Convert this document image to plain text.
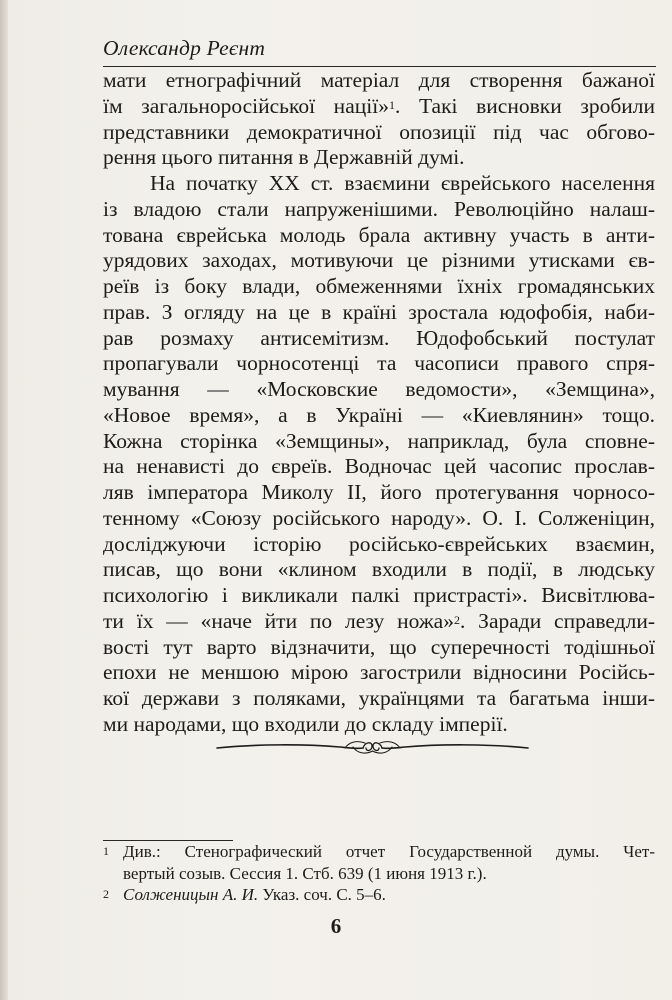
Олександр Реєнт
мати етнографічний матеріал для створення бажаної
їм загальноросійської нації»$^1$. Такі висновки зробили
представники демократичної опозиції під час обгово-
рення цього питання в Державній думі.
На початку XX ст. взаємини єврейського населення
із владою стали напруженішими. Революційно налаш-
тована єврейська молодь брала активну участь в анти-
урядових заходах, мотивуючи це різними утисками єв-
реїв із боку влади, обмеженнями їхніх громадянських
прав. З огляду на це в країні зростала юдофобія, наби-
рав розмаху антисемітизм. Юдофобський постулат
пропагували чорносотенці та часописи правого спря-
мування — «Московские ведомости», «Земщина»,
«Новое время», а в Україні — «Киевлянин» тощо.
Кожна сторінка «Земщины», наприклад, була сповне-
на ненависті до євреїв. Водночас цей часопис прослав-
ляв імператора Миколу II, його протегування чорносо-
тенному «Союзу російського народу». О. І. Солженіцин,
досліджуючи історію російсько-єврейських взаємин,
писав, що вони «клином входили в події, в людську
психологію і викликали палкі пристрасті». Висвітлюва-
ти їх — «наче йти по лезу ножа»$^2$. Заради справедли-
вості тут варто відзначити, що суперечності тодішньої
епохи не меншою мірою загострили відносини Російсь-
кої держави з поляками, українцями та багатьма інши-
ми народами, що входили до складу імперії.
1 Див.: Стенографический отчет Государственной думы. Чет-
вертый созыв. Сессия 1. Стб. 639 (1 июня 1913 г.).
2 Солженицын А. И. Указ. соч. С. 5–6.
6
